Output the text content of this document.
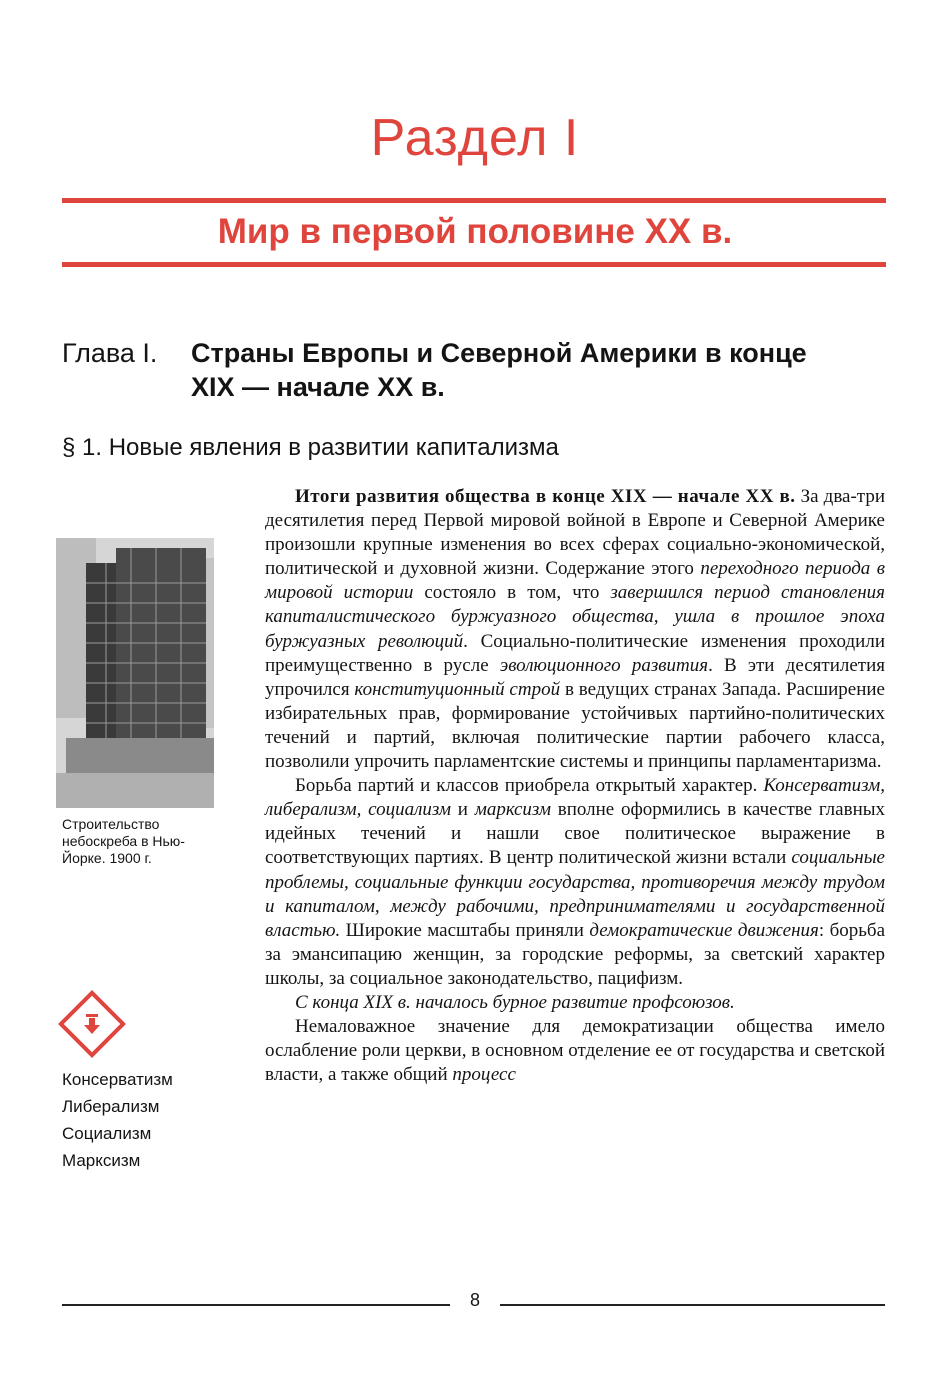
Раздел I
Мир в первой половине XX в.
Глава I. Страны Европы и Северной Америки в конце XIX — начале XX в.
§ 1. Новые явления в развитии капитализма
Строительство небоскреба в Нью-Йорке. 1900 г.
Консерватизм
Либерализм
Социализм
Марксизм

Итоги развития общества в конце XIX — начале XX в. За два-три десятилетия перед Первой мировой войной в Европе и Северной Америке произошли крупные изменения во всех сферах социально-экономической, политической и духовной жизни. Содержание этого переходного периода в мировой истории состояло в том, что завершился период становления капиталистического буржуазного общества, ушла в прошлое эпоха буржуазных революций. Социально-политические изменения проходили преимущественно в русле эволюционного развития. В эти десятилетия упрочился конституционный строй в ведущих странах Запада. Расширение избирательных прав, формирование устойчивых партийно-политических течений и партий, включая политические партии рабочего класса, позволили упрочить парламентские системы и принципы парламентаризма.

Борьба партий и классов приобрела открытый характер. Консерватизм, либерализм, социализм и марксизм вполне оформились в качестве главных идейных течений и нашли свое политическое выражение в соответствующих партиях. В центр политической жизни встали социальные проблемы, социальные функции государства, противоречия между трудом и капиталом, между рабочими, предпринимателями и государственной властью. Широкие масштабы приняли демократические движения: борьба за эмансипацию женщин, за городские реформы, за светский характер школы, за социальное законодательство, пацифизм.

С конца XIX в. началось бурное развитие профсоюзов.

Немаловажное значение для демократизации общества имело ослабление роли церкви, в основном отделение ее от государства и светской власти, а также общий процесс

8
